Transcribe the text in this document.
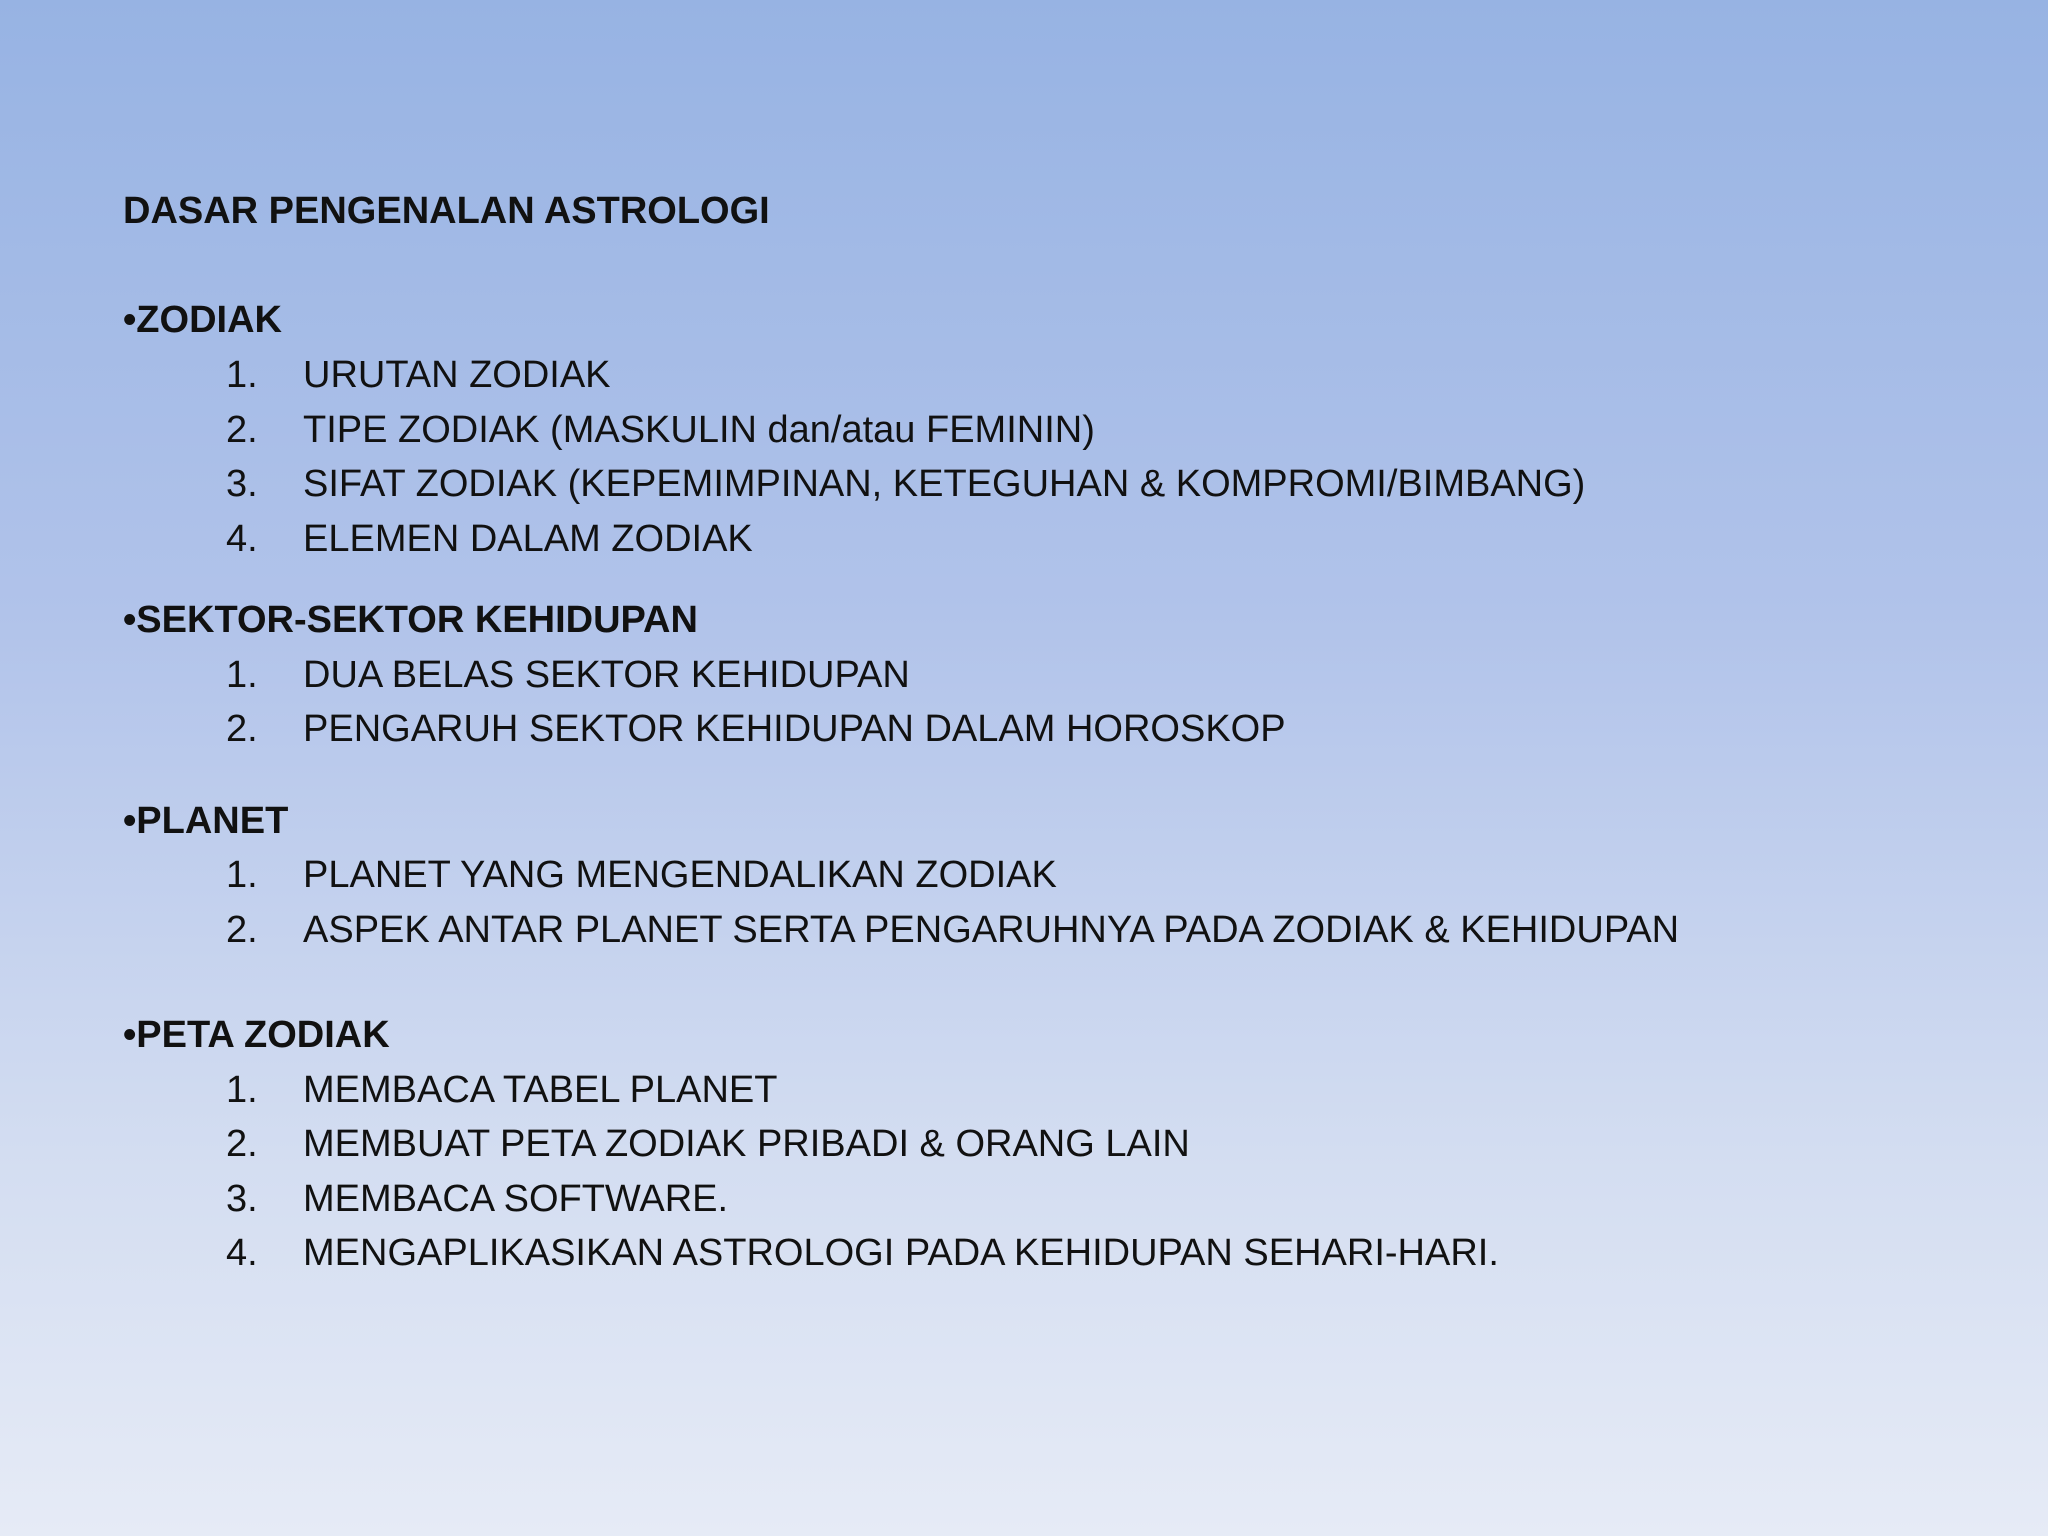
DASAR PENGENALAN ASTROLOGI
•ZODIAK
1.	URUTAN ZODIAK
2.	TIPE ZODIAK (MASKULIN dan/atau FEMININ)
3.	SIFAT ZODIAK (KEPEMIMPINAN, KETEGUHAN & KOMPROMI/BIMBANG)
4.	ELEMEN DALAM ZODIAK
•SEKTOR-SEKTOR KEHIDUPAN
1.	DUA BELAS SEKTOR KEHIDUPAN
2.	PENGARUH SEKTOR KEHIDUPAN DALAM HOROSKOP
•PLANET
1.	PLANET YANG MENGENDALIKAN ZODIAK
2.	ASPEK ANTAR PLANET SERTA PENGARUHNYA PADA ZODIAK & KEHIDUPAN
•PETA ZODIAK
1.	MEMBACA TABEL PLANET
2.	MEMBUAT PETA ZODIAK PRIBADI & ORANG LAIN
3.	MEMBACA SOFTWARE.
4.	MENGAPLIKASIKAN ASTROLOGI PADA KEHIDUPAN SEHARI-HARI.
